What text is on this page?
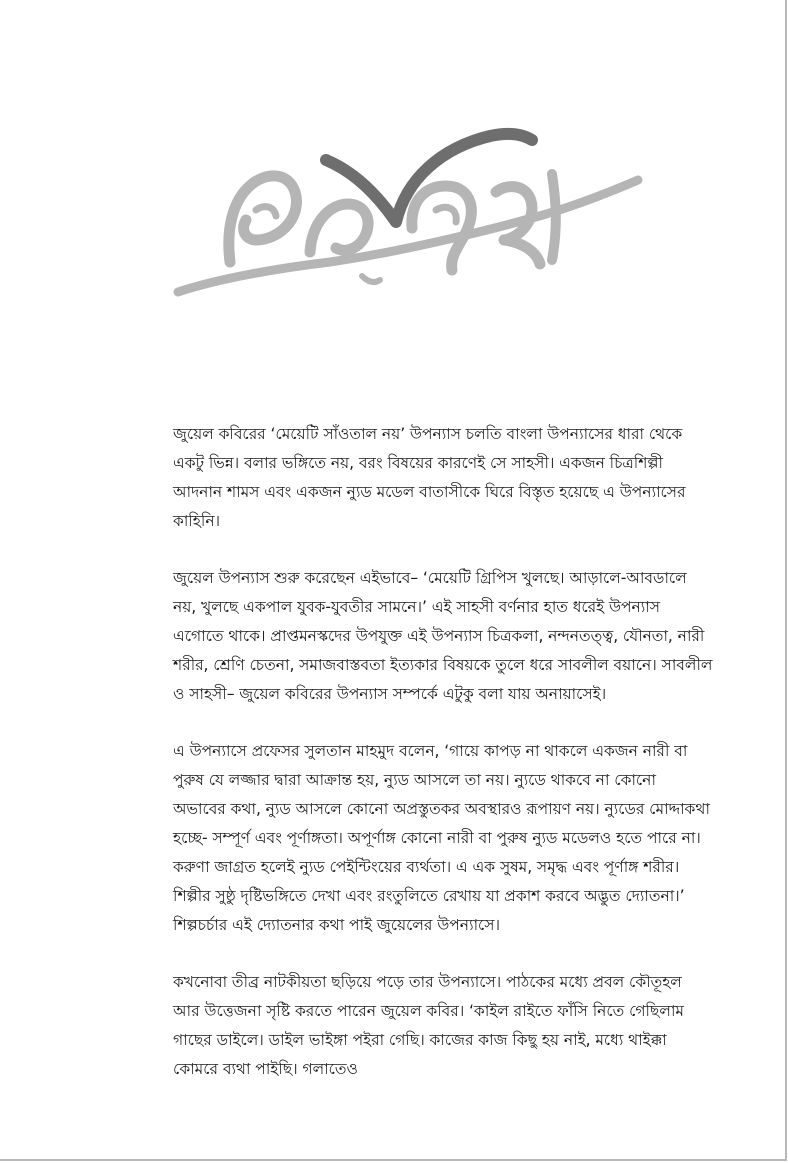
জুয়েল কবিরের ‘মেয়েটি সাঁওতাল নয়’ উপন্যাস চলতি বাংলা উপন্যাসের ধারা থেকে একটু ভিন্ন। বলার ভঙ্গিতে নয়, বরং বিষয়ের কারণেই সে সাহসী। একজন চিত্রশিল্পী আদনান শামস এবং একজন ন্যুড মডেল বাতাসীকে ঘিরে বিস্তৃত হয়েছে এ উপন্যাসের কাহিনি।

জুয়েল উপন্যাস শুরু করেছেন এইভাবে– ‘মেয়েটি গ্রিপিস খুলছে। আড়ালে-আবডালে নয়, খুলছে একপাল যুবক-যুবতীর সামনে।’ এই সাহসী বর্ণনার হাত ধরেই উপন্যাস এগোতে থাকে। প্রাপ্তমনস্কদের উপযুক্ত এই উপন্যাস চিত্রকলা, নন্দনতত্ত্ব, যৌনতা, নারী শরীর, শ্রেণি চেতনা, সমাজবাস্তবতা ইত্যকার বিষয়কে তুলে ধরে সাবলীল বয়ানে। সাবলীল ও সাহসী– জুয়েল কবিরের উপন্যাস সম্পর্কে এটুকু বলা যায় অনায়াসেই।

এ উপন্যাসে প্রফেসর সুলতান মাহমুদ বলেন, ‘গায়ে কাপড় না থাকলে একজন নারী বা পুরুষ যে লজ্জার দ্বারা আক্রান্ত হয়, ন্যুড আসলে তা নয়। ন্যুডে থাকবে না কোনো অভাবের কথা, ন্যুড আসলে কোনো অপ্রস্তুতকর অবস্থারও রূপায়ণ নয়। ন্যুডের মোদ্দাকথা হচ্ছে- সম্পূর্ণ এবং পূর্ণাঙ্গতা। অপূর্ণাঙ্গ কোনো নারী বা পুরুষ ন্যুড মডেলও হতে পারে না। করুণা জাগ্রত হলেই ন্যুড পেইন্টিংয়ের ব্যর্থতা। এ এক সুষম, সমৃদ্ধ এবং পূর্ণাঙ্গ শরীর। শিল্পীর সুষ্ঠু দৃষ্টিভঙ্গিতে দেখা এবং রংতুলিতে রেখায় যা প্রকাশ করবে অদ্ভুত দ্যোতনা।’ শিল্পচর্চার এই দ্যোতনার কথা পাই জুয়েলের উপন্যাসে।

কখনোবা তীব্র নাটকীয়তা ছড়িয়ে পড়ে তার উপন্যাসে। পাঠকের মধ্যে প্রবল কৌতূহল আর উত্তেজনা সৃষ্টি করতে পারেন জুয়েল কবির। ‘কাইল রাইতে ফাঁসি নিতে গেছিলাম গাছের ডাইলে। ডাইল ভাইঙ্গা পইরা গেছি। কাজের কাজ কিছু হয় নাই, মধ্যে থাইক্কা কোমরে ব্যথা পাইছি। গলাতেও
